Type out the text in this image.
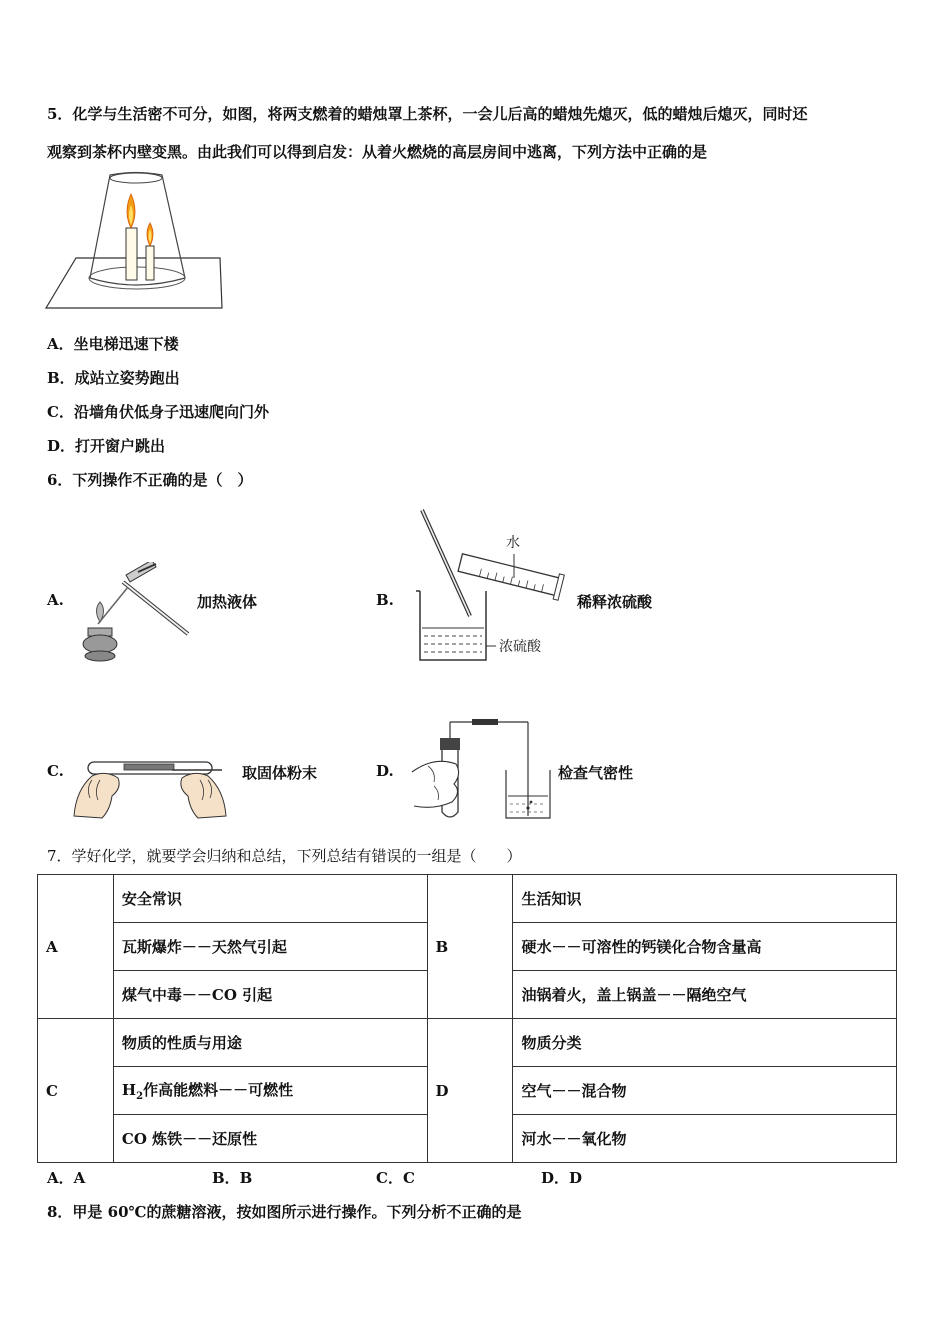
5．化学与生活密不可分，如图，将两支燃着的蜡烛罩上茶杯，一会儿后高的蜡烛先熄灭，低的蜡烛后熄灭，同时还
观察到茶杯内壁变黑。由此我们可以得到启发：从着火燃烧的高层房间中逃离，下列方法中正确的是
A．坐电梯迅速下楼
B．成站立姿势跑出
C．沿墙角伏低身子迅速爬向门外
D．打开窗户跳出
6．下列操作不正确的是（　）
A.	加热液体	B.
浓硫酸
水
稀释浓硫酸
C.	取固体粉末	D.	检查气密性
7．学好化学，就要学会归纳和总结，下列总结有错误的一组是（　　）
A	安全常识	B	生活知识
	瓦斯爆炸－－天然气引起		硬水－－可溶性的钙镁化合物含量高
	煤气中毒－－CO 引起		油锅着火，盖上锅盖－－隔绝空气
C	物质的性质与用途	D	物质分类
	$H_2$作高能燃料－－可燃性		空气－－混合物
	CO 炼铁－－还原性		河水－－氧化物
A．A	B．B	C．C	D．D
8．甲是 60℃的蔗糖溶液，按如图所示进行操作。下列分析不正确的是
